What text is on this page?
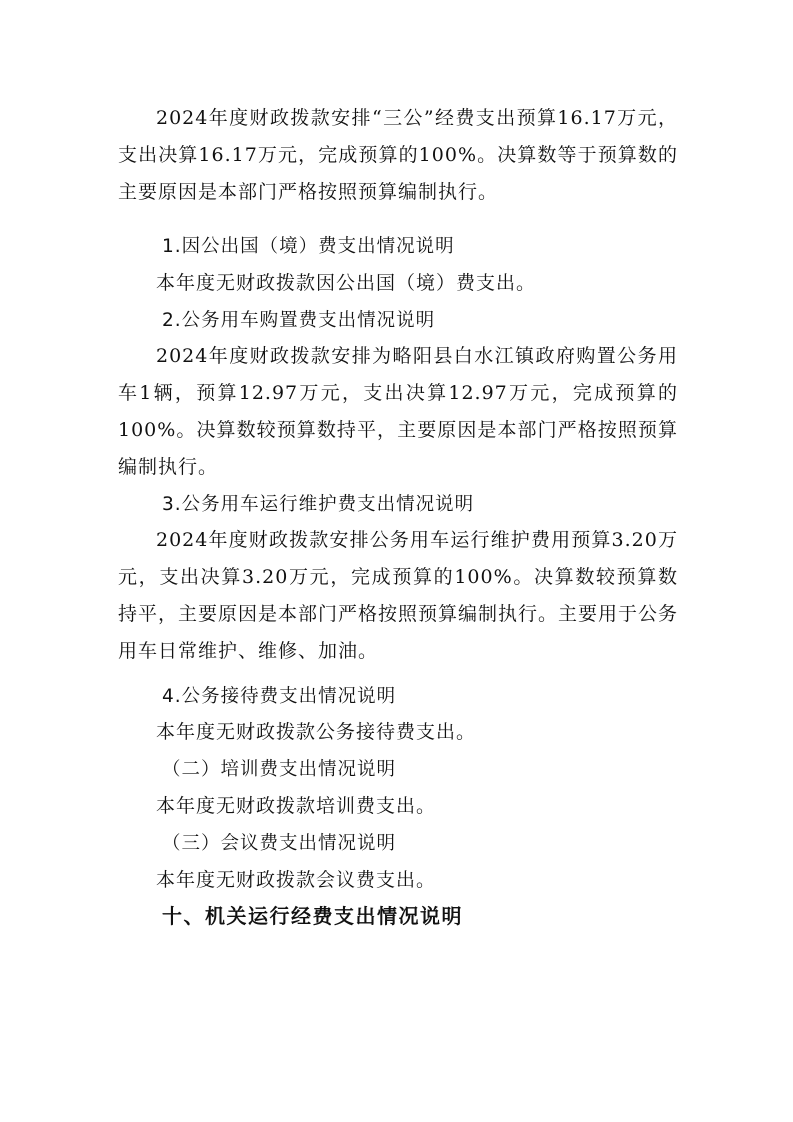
2024年度财政拨款安排“三公”经费支出预算16.17万元，支出决算16.17万元，完成预算的100%。决算数等于预算数的主要原因是本部门严格按照预算编制执行。

1.因公出国（境）费支出情况说明

本年度无财政拨款因公出国（境）费支出。

2.公务用车购置费支出情况说明

2024年度财政拨款安排为略阳县白水江镇政府购置公务用车1辆，预算12.97万元，支出决算12.97万元，完成预算的100%。决算数较预算数持平，主要原因是本部门严格按照预算编制执行。

3.公务用车运行维护费支出情况说明

2024年度财政拨款安排公务用车运行维护费用预算3.20万元，支出决算3.20万元，完成预算的100%。决算数较预算数持平，主要原因是本部门严格按照预算编制执行。主要用于公务用车日常维护、维修、加油。

4.公务接待费支出情况说明

本年度无财政拨款公务接待费支出。

（二）培训费支出情况说明

本年度无财政拨款培训费支出。

（三）会议费支出情况说明

本年度无财政拨款会议费支出。

十、机关运行经费支出情况说明
